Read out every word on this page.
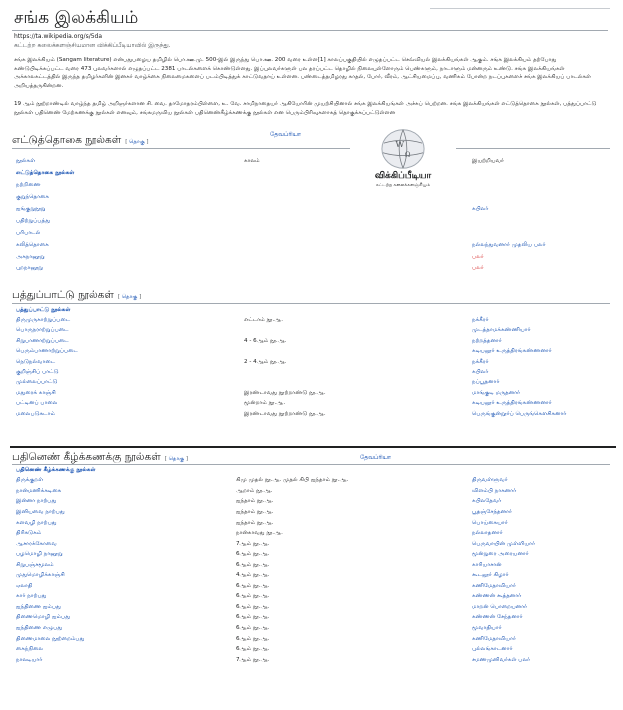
சங்க இலக்கியம்
https://ta.wikipedia.org/s/5da
கட்டற்ற கலைக்களஞ்சியமான விக்கிப்பீடியாவில் இருந்து.

சங்க இலக்கியம் (Sangam literature) என்பதுபழைய தமிழில் பொ.ஊ.மு. 500-இல் இருந்து பொ.ஊ. 200 வரை உள்ள[1] காலப்பகுதியில் எழுதப்பட்ட செவ்வியல் இலக்கியங்கள் ஆகும். சங்க இலக்கியம் தற்போது கண்டுபிடிக்கப்பட்ட வரை 473 புலவர்களால் எழுதப்பட்ட 2381 பாடல்களைக் கொண்டுள்ளது. இப்புலவர்களுள் பல தரப்பட்ட தொழில் நிலையுள்ளோரும் பெண்களும், நாடாளும் மன்னரும் உண்டு. சங்க இலக்கியங்கள் அக்காலகட்டத்தில் இருந்த தமிழர்களின் இனசுர் வாழ்க்கை நிலைமைகளைப் படம்பிடித்துக் காட்டுவதாய் உள்ளன. பண்டைத்தமிழரது காதல், போர், வீரம், ஆட்சியமைப்பு, வணிகம் போன்ற நடப்புகளைச் சங்க இலக்கியப் பாடல்கள் அறியத்தருகின்றன.

19 ஆம் நூற்றாண்டில் வாழ்ந்த தமிழ் அறிஞர்களான சி. வை. தாமோதரம்பிள்ளை, உ. வே. சாமிநாதையர் ஆகியோரின் முயற்சியினால் சங்க இலக்கியங்கள் அச்சுப் பெற்றன. சங்க இலக்கியங்கள் எட்டுத்தொகை நூல்கள், பத்துப்பாட்டு நூல்கள் பதினெண் மேற்கணக்கு நூல்கள் எனவும், சங்கமருவிய நூல்கள் பதினெண்கீழ்க்கணக்கு நூல்கள் என பெரும்பிரிவுகளாகத் தொகுக்கப்பட்டுள்ளன

எட்டுத்தொகை நூல்கள் [ தொகு ]
தேவப்ரியா
நூல்கள்	காலம்	இயற்றியவர்
எட்டுத்தொகை நூல்கள்		
நற்றிணை		
குறுந்தொகை		
ஐங்குறுநூறு		கபிலர்
பதிற்றுப்பத்து		
பரிபாடல்		
கலித்தொகை		நல்லந்துவனார் முதலிய பலர்
அகநானூறு		பலர்
புறநானூறு		பலர்
W
Ω
விக்கிப்பீடியா
கட்டற்ற கலைக்களஞ்சியம்
பத்துப்பாட்டு நூல்கள் [ தொகு ]
பத்துப்பாட்டு நூல்கள்		
திருமுருகாற்றுப்படை	எட்டாம் நூ.ஆ.	நக்கீரர்
பொருநராற்றுப்படை		முடத்தாமக்கண்ணியார்
சிறுபாணாற்றுப்படை	4 - 6ஆம் நூ.ஆ.	நற்றத்தனார்
பெரும்பாணாற்றுப்படை		கடியலூர் உருத்திரங்கண்ணனார்
நெடுநல்வாடை	2 - 4ஆம் நூ.ஆ.	நக்கீரர்
குறிஞ்சிப் பாட்டு		கபிலர்
முல்லைப்பாட்டு		நப்பூதனார்
மதுரைக் காஞ்சி	இரண்டாவது நூற்றாண்டு நூ.ஆ.	மாங்குடி மருதனார்
பட்டினப் பாலை	மூன்றாம் நூ.ஆ.	கடியலூர் உருத்திரங்கண்ணனார்
மலைபடுகடாம்	இரண்டாவது நூற்றாண்டு நூ.ஆ.	பெருங்குன்றூர்ப் பெருங்கௌசிகனார்
பதினெண் கீழ்க்கணக்கு நூல்கள் [ தொகு ]	தேவப்ரியா
பதினெண் கீழ்க்கணக்கு நூல்கள்		
திருக்குறள்	கிமு முதல் நூ.ஆ. முதல் கிபி ஐந்தாம் நூ.ஆ.	திருவள்ளுவர்
நான்மணிக்கடிகை	ஆறாம் நூ.ஆ.	விளம்பி நாகனார்
இன்னா நாற்பது	ஐந்தாம் நூ.ஆ.	கபிலதேவர்
இனியவை நாற்பது	ஐந்தாம் நூ.ஆ.	பூதஞ்சேந்தனார்
களவழி நாற்பது	ஐந்தாம் நூ.ஆ.	பொய்கையார்
திரிகடுகம்	நான்காவது நூ.ஆ.	நல்லாதனார்
ஆசாரக்கோவை	7ஆம் நூ.ஆ.	பெருவாயின் முள்ளியார்
பழமொழி நானூறு	6ஆம் நூ.ஆ.	மூன்றுரை அரையனார்
சிறுபஞ்சமூலம்	6ஆம் நூ.ஆ.	காரியாசான்
முதுமொழிக்காஞ்சி	4ஆம் நூ.ஆ.	கூடலூர் கிழார்
ஏலாதி	6ஆம் நூ.ஆ.	கணிமேதாவியார்
கார் நாற்பது	6ஆம் நூ.ஆ.	கண்ணன் கூத்தனார்
ஐந்திணை ஐம்பது	6ஆம் நூ.ஆ.	மாறன் பொறையனார்
திணைமொழி ஐம்பது	6ஆம் நூ.ஆ.	கண்ணன் சேந்தனார்
ஐந்திணை எழுபது	6ஆம் நூ.ஆ.	மூவாதியார்
திணைமாலை நூற்றைம்பது	6ஆம் நூ.ஆ.	கணிமேதாவியார்
கைந்நிலை	6ஆம் நூ.ஆ.	புல்லங்காடனார்
நாலடியார்	7ஆம் நூ.ஆ.	சமணமுனிவர்கள் பலர்
